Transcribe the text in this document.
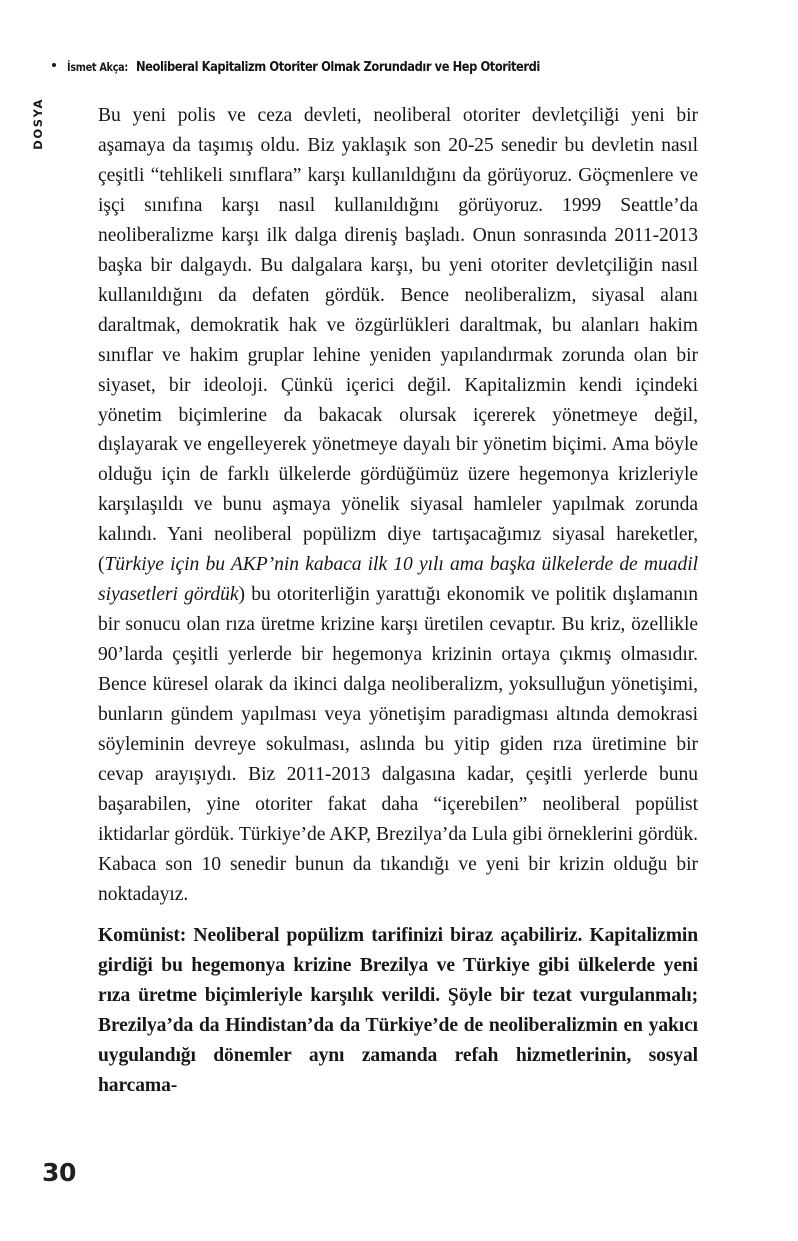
İsmet Akça: Neoliberal Kapitalizm Otoriter Olmak Zorundadır ve Hep Otoriterdi
DOSYA	Bu yeni polis ve ceza devleti, neoliberal otoriter devletçiliği yeni bir aşamaya da taşımış oldu. Biz yaklaşık son 20-25 senedir bu devletin nasıl çeşitli “tehlikeli sınıflara” karşı kullanıldığını da görüyoruz. Göçmenlere ve işçi sınıfına karşı nasıl kullanıldığını görüyoruz. 1999 Seattle’da neoliberalizme karşı ilk dalga direniş başladı. Onun sonrasında 2011-2013 başka bir dalgaydı. Bu dalgalara karşı, bu yeni otoriter devletçiliğin nasıl kullanıldığını da defaten gördük. Bence neoliberalizm, siyasal alanı daraltmak, demokratik hak ve özgürlükleri daraltmak, bu alanları hakim sınıflar ve hakim gruplar lehine yeniden yapılandırmak zorunda olan bir siyaset, bir ideoloji. Çünkü içerici değil. Kapitalizmin kendi içindeki yönetim biçimlerine da bakacak olursak içererek yönetmeye değil, dışlayarak ve engelleyerek yönetmeye dayalı bir yönetim biçimi. Ama böyle olduğu için de farklı ülkelerde gördüğümüz üzere hegemonya krizleriyle karşılaşıldı ve bunu aşmaya yönelik siyasal hamleler yapılmak zorunda kalındı. Yani neoliberal popülizm diye tartışacağımız siyasal hareketler, (Türkiye için bu AKP’nin kabaca ilk 10 yılı ama başka ülkelerde de muadil siyasetleri gördük) bu otoriterliğin yarattığı ekonomik ve politik dışlamanın bir sonucu olan rıza üretme krizine karşı üretilen cevaptır. Bu kriz, özellikle 90’larda çeşitli yerlerde bir hegemonya krizinin ortaya çıkmış olmasıdır. Bence küresel olarak da ikinci dalga neoliberalizm, yoksulluğun yönetişimi, bunların gündem yapılması veya yönetişim paradigması altında demokrasi söyleminin devreye sokulması, aslında bu yitip giden rıza üretimine bir cevap arayışıydı. Biz 2011-2013 dalgasına kadar, çeşitli yerlerde bunu başarabilen, yine otoriter fakat daha “içerebilen” neoliberal popülist iktidarlar gördük. Türkiye’de AKP, Brezilya’da Lula gibi örneklerini gördük. Kabaca son 10 senedir bunun da tıkandığı ve yeni bir krizin olduğu bir noktadayız.

Komünist: Neoliberal popülizm tarifinizi biraz açabiliriz. Kapitalizmin girdiği bu hegemonya krizine Brezilya ve Türkiye gibi ülkelerde yeni rıza üretme biçimleriyle karşılık verildi. Şöyle bir tezat vurgulanmalı; Brezilya’da da Hindistan’da da Türkiye’de de neoliberalizmin en yakıcı uygulandığı dönemler aynı zamanda refah hizmetlerinin, sosyal harcama-

30
